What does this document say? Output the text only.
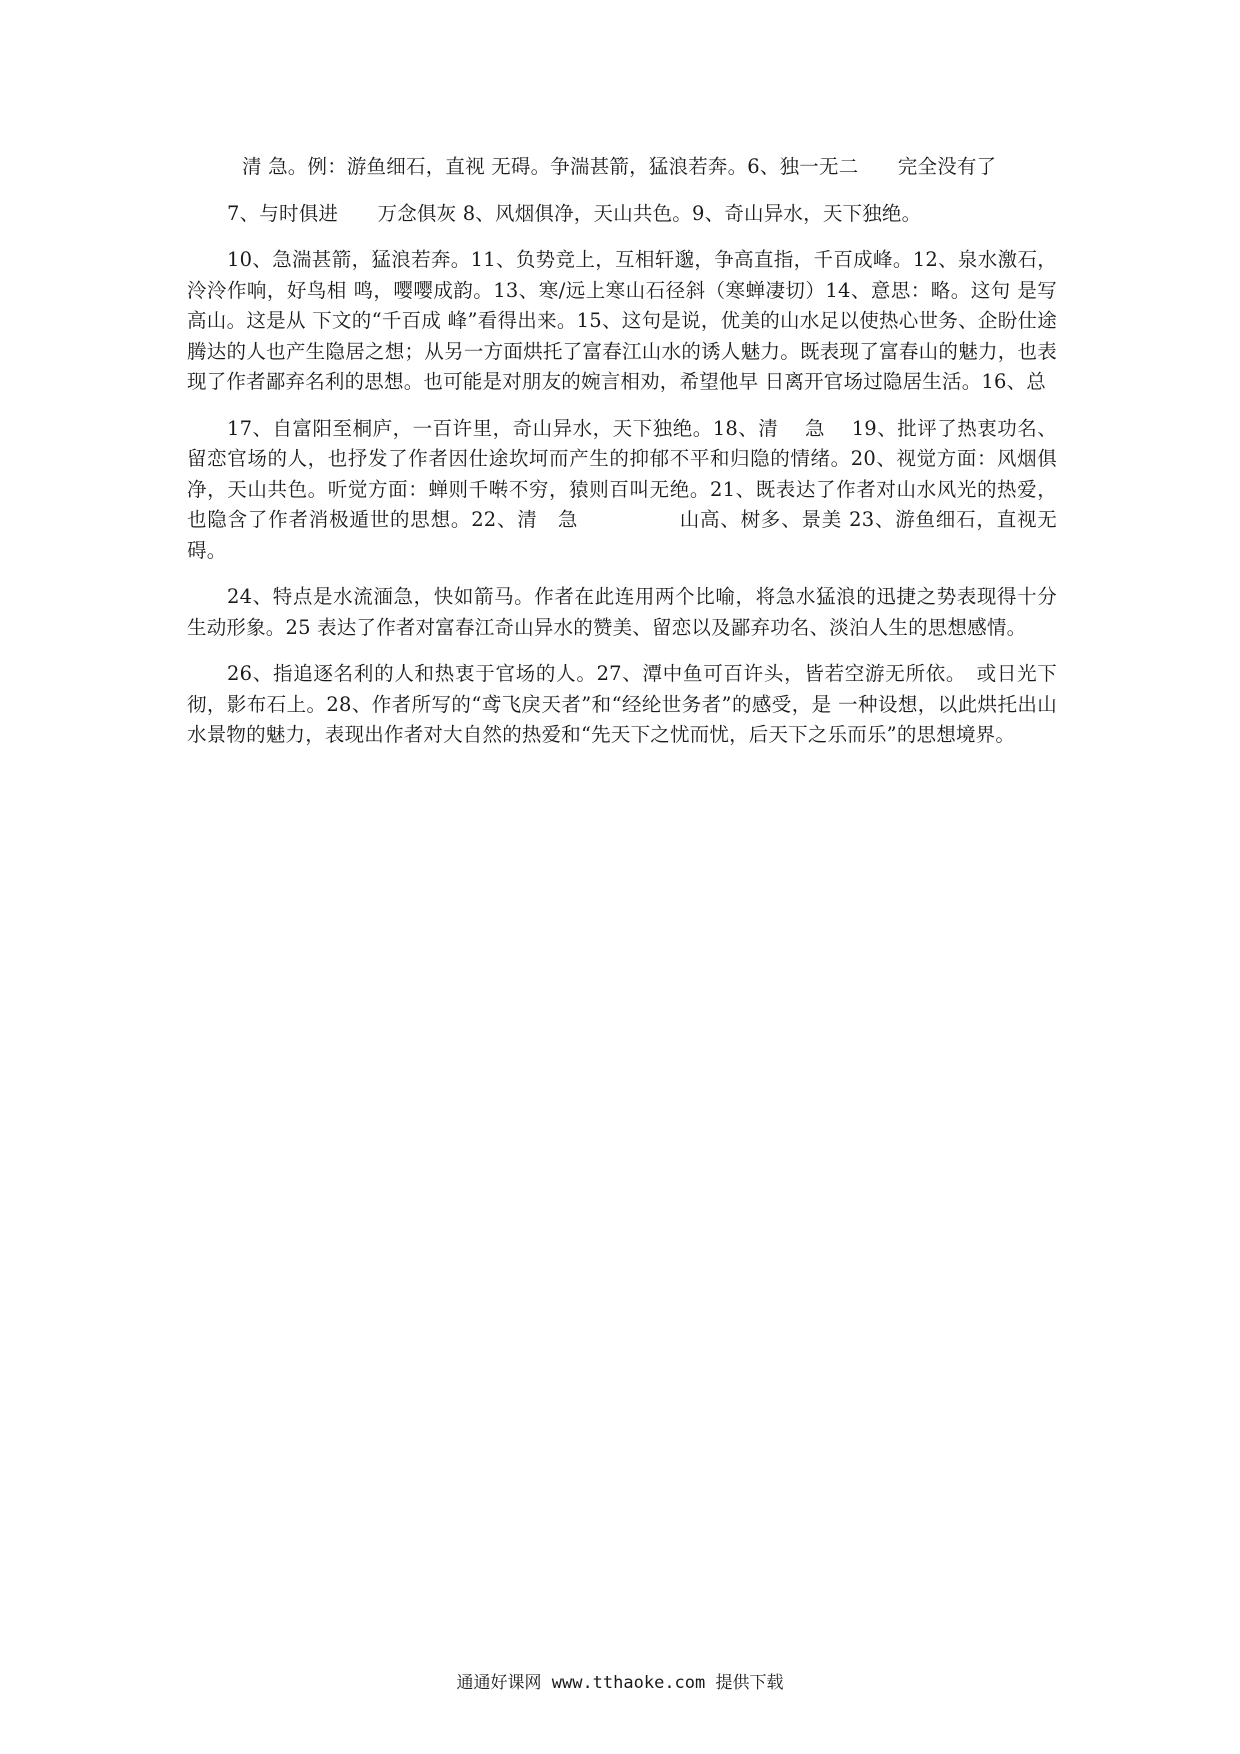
清 急。例：游鱼细石，直视 无碍。争湍甚箭，猛浪若奔。6、独一无二　　完全没有了

7、与时俱进　　万念俱灰 8、风烟俱净，天山共色。9、奇山异水，天下独绝。

10、急湍甚箭，猛浪若奔。11、负势竞上，互相轩邈，争高直指，千百成峰。12、泉水激石，泠泠作响，好鸟相 鸣，嘤嘤成韵。13、寒/远上寒山石径斜（寒蝉凄切）14、意思：略。这句 是写高山。这是从 下文的“千百成 峰”看得出来。15、这句是说，优美的山水足以使热心世务、企盼仕途腾达的人也产生隐居之想；从另一方面烘托了富春江山水的诱人魅力。既表现了富春山的魅力，也表现了作者鄙弃名利的思想。也可能是对朋友的婉言相劝，希望他早 日离开官场过隐居生活。16、总

17、自富阳至桐庐，一百许里，奇山异水，天下独绝。18、清　 急　 19、批评了热衷功名、留恋官场的人，也抒发了作者因仕途坎坷而产生的抑郁不平和归隐的情绪。20、视觉方面：风烟俱净，天山共色。听觉方面：蝉则千啭不穷，猿则百叫无绝。21、既表达了作者对山水风光的热爱，也隐含了作者消极遁世的思想。22、清　急　　　　　山高、树多、景美 23、游鱼细石，直视无碍。

24、特点是水流湎急，快如箭马。作者在此连用两个比喻，将急水猛浪的迅捷之势表现得十分生动形象。25 表达了作者对富春江奇山异水的赞美、留恋以及鄙弃功名、淡泊人生的思想感情。

26、指追逐名利的人和热衷于官场的人。27、潭中鱼可百许头，皆若空游无所依。　或日光下彻，影布石上。28、作者所写的“鸢飞戾天者”和“经纶世务者”的感受，是 一种设想，以此烘托出山水景物的魅力，表现出作者对大自然的热爱和“先天下之忧而忧，后天下之乐而乐”的思想境界。

通通好课网 www.tthaoke.com 提供下载
